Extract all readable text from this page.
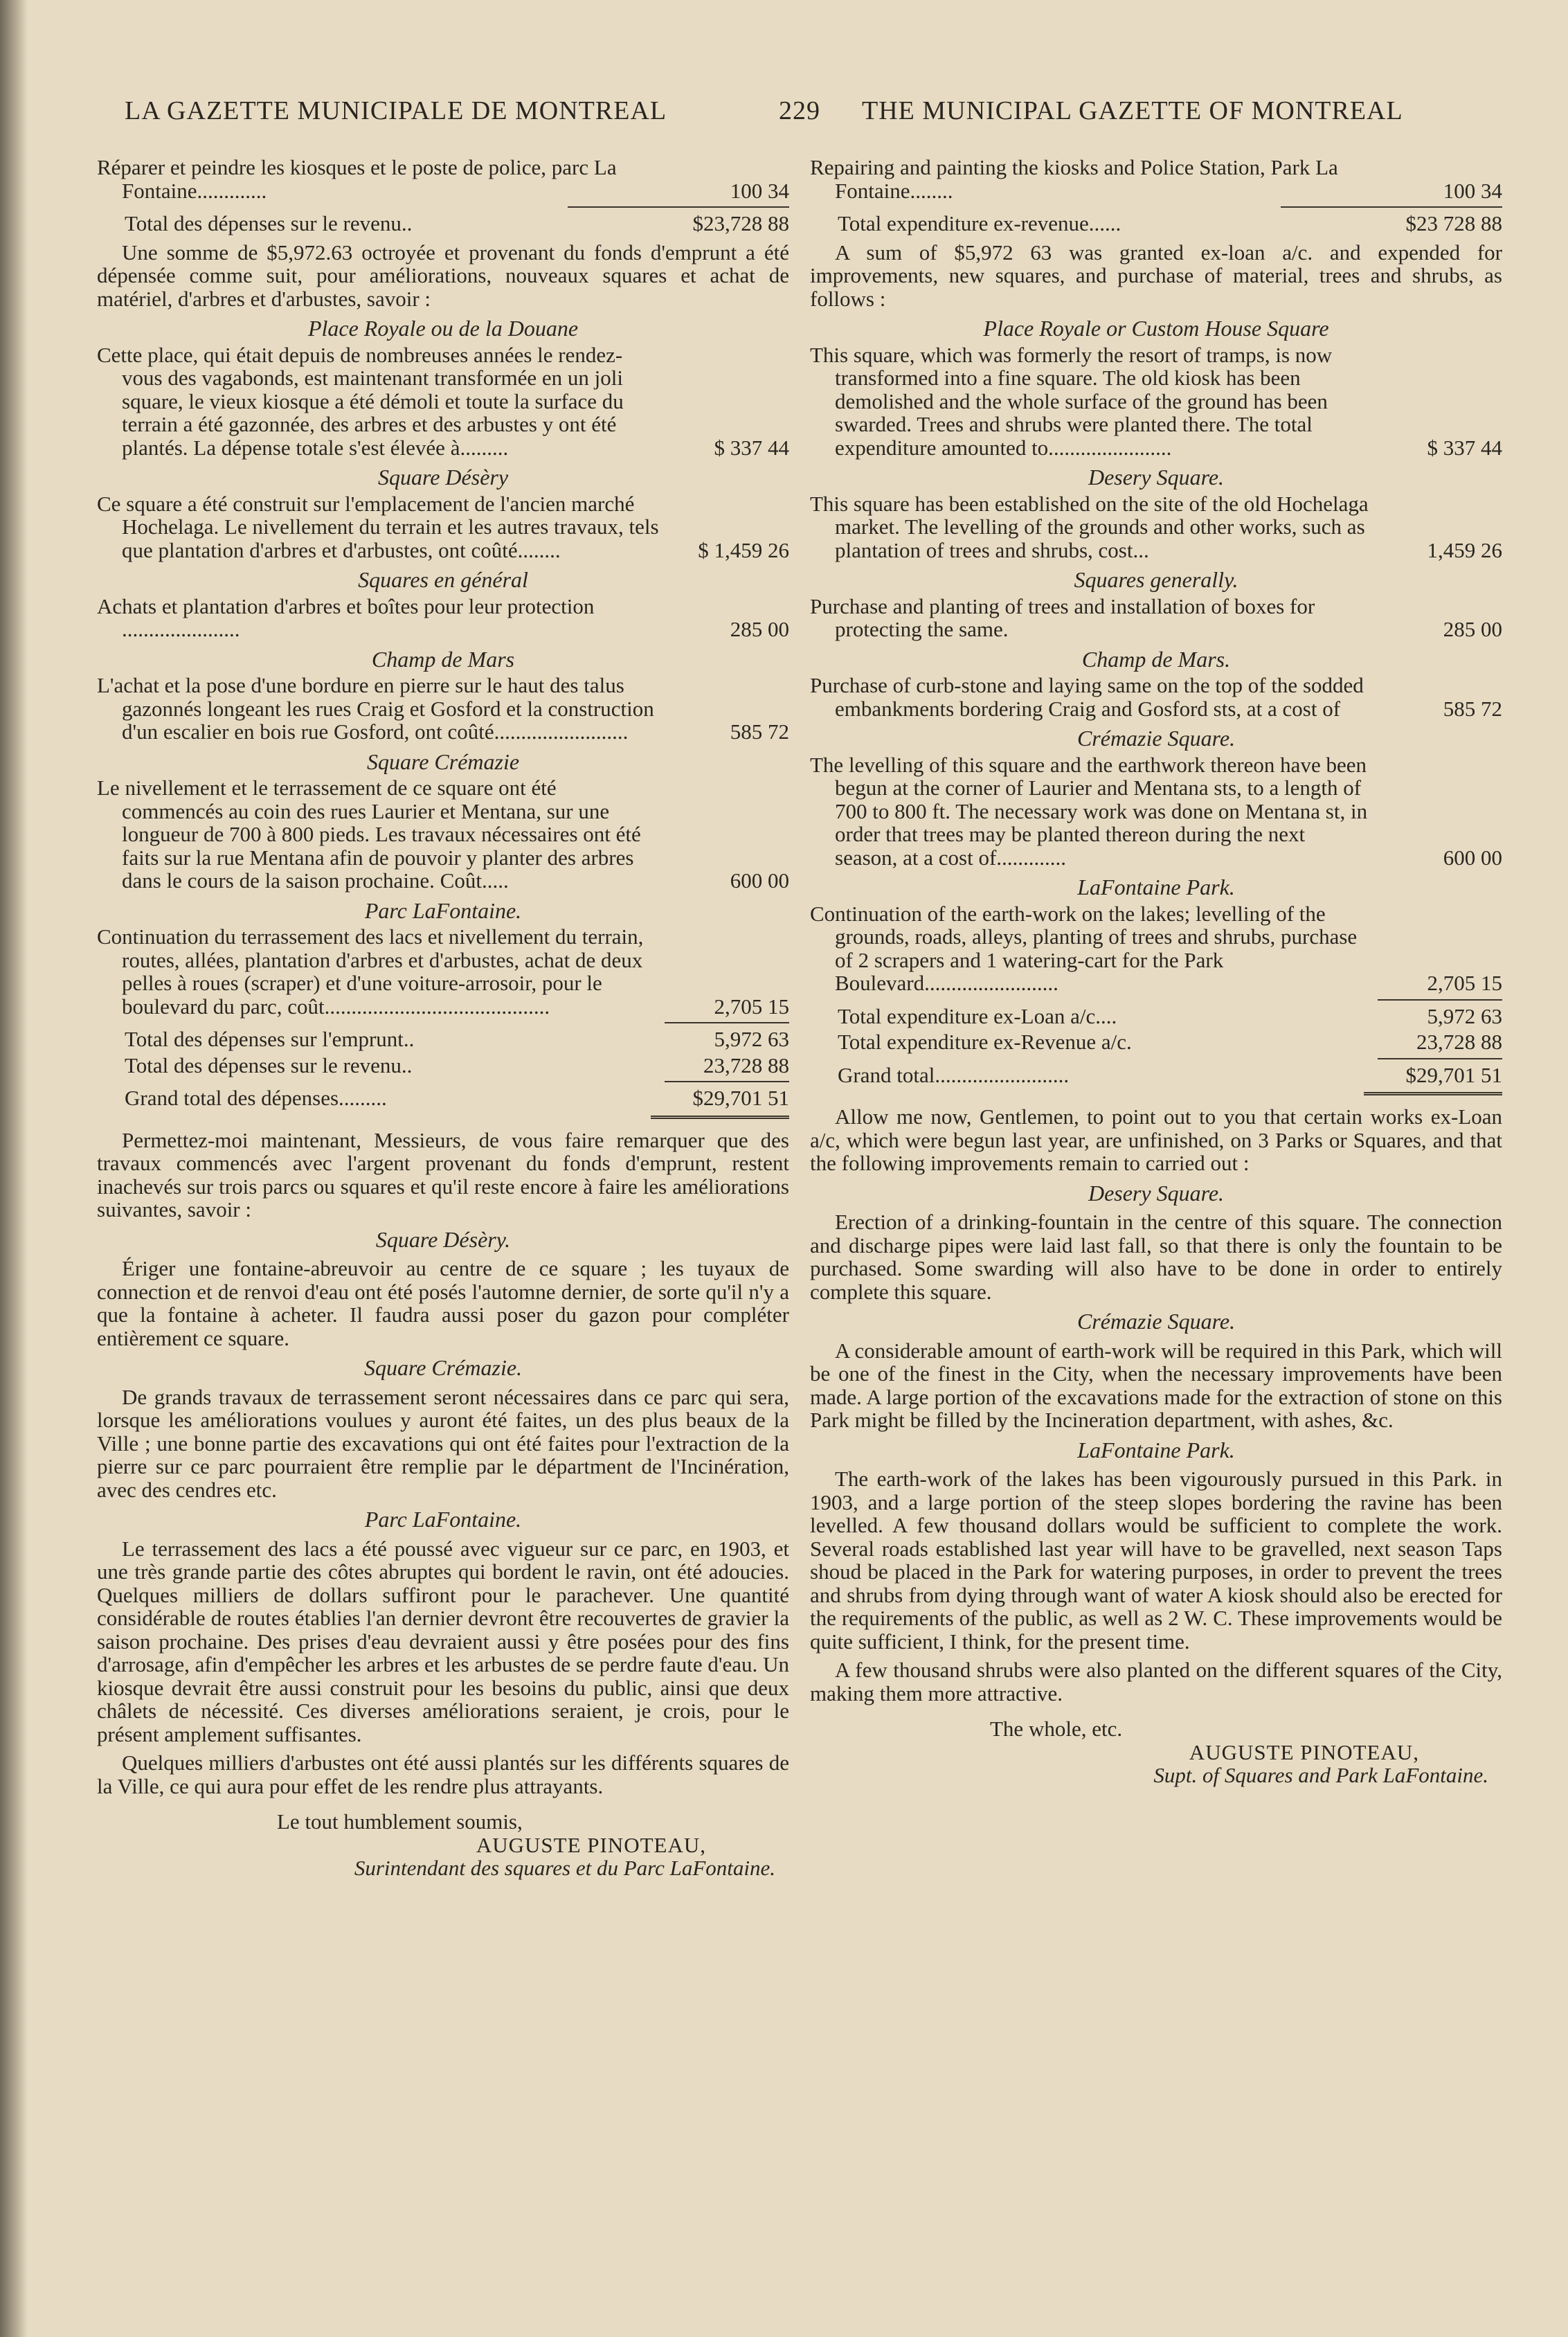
LA GAZETTE MUNICIPALE DE MONTREAL	229 THE MUNICIPAL GAZETTE OF MONTREAL
Réparer et peindre les kiosques et le poste de police, parc La Fontaine.............	100 34
Total des dépenses sur le revenu..	$23,728 88

Une somme de $5,972.63 octroyée et provenant du fonds d'emprunt a été dépensée comme suit, pour améliorations, nouveaux squares et achat de matériel, d'arbres et d'arbustes, savoir :

Place Royale ou de la Douane
Cette place, qui était depuis de nombreuses années le rendez-vous des vagabonds, est maintenant transformée en un joli square, le vieux kiosque a été démoli et toute la surface du terrain a été gazonnée, des arbres et des arbustes y ont été plantés. La dépense totale s'est élevée à.........	$ 337 44
Square Désèry
Ce square a été construit sur l'emplacement de l'ancien marché Hochelaga. Le nivellement du terrain et les autres travaux, tels que plantation d'arbres et d'arbustes, ont coûté........	$ 1,459 26
Squares en général
Achats et plantation d'arbres et boîtes pour leur protection ......................	285 00
Champ de Mars
L'achat et la pose d'une bordure en pierre sur le haut des talus gazonnés longeant les rues Craig et Gosford et la construction d'un escalier en bois rue Gosford, ont coûté.........................	585 72
Square Crémazie
Le nivellement et le terrassement de ce square ont été commencés au coin des rues Laurier et Mentana, sur une longueur de 700 à 800 pieds. Les travaux nécessaires ont été faits sur la rue Mentana afin de pouvoir y planter des arbres dans le cours de la saison prochaine. Coût.....	600 00
Parc LaFontaine.
Continuation du terrassement des lacs et nivellement du terrain, routes, allées, plantation d'arbres et d'arbustes, achat de deux pelles à roues (scraper) et d'une voiture-arrosoir, pour le boulevard du parc, coût..........................................	2,705 15
Total des dépenses sur l'emprunt..	5,972 63
Total des dépenses sur le revenu..	23,728 88
Grand total des dépenses.........	$29,701 51

Permettez-moi maintenant, Messieurs, de vous faire remarquer que des travaux commencés avec l'argent provenant du fonds d'emprunt, restent inachevés sur trois parcs ou squares et qu'il reste encore à faire les améliorations suivantes, savoir :

Square Désèry.

Ériger une fontaine-abreuvoir au centre de ce square ; les tuyaux de connection et de renvoi d'eau ont été posés l'automne dernier, de sorte qu'il n'y a que la fontaine à acheter. Il faudra aussi poser du gazon pour compléter entièrement ce square.

Square Crémazie.

De grands travaux de terrassement seront nécessaires dans ce parc qui sera, lorsque les améliorations voulues y auront été faites, un des plus beaux de la Ville ; une bonne partie des excavations qui ont été faites pour l'extraction de la pierre sur ce parc pourraient être remplie par le départment de l'Incinération, avec des cendres etc.

Parc LaFontaine.

Le terrassement des lacs a été poussé avec vigueur sur ce parc, en 1903, et une très grande partie des côtes abruptes qui bordent le ravin, ont été adoucies. Quelques milliers de dollars suffiront pour le parachever. Une quantité considérable de routes établies l'an dernier devront être recouvertes de gravier la saison prochaine. Des prises d'eau devraient aussi y être posées pour des fins d'arrosage, afin d'empêcher les arbres et les arbustes de se perdre faute d'eau. Un kiosque devrait être aussi construit pour les besoins du public, ainsi que deux châlets de nécessité. Ces diverses améliorations seraient, je crois, pour le présent amplement suffisantes.

Quelques milliers d'arbustes ont été aussi plantés sur les différents squares de la Ville, ce qui aura pour effet de les rendre plus attrayants.

Le tout humblement soumis,

AUGUSTE PINOTEAU,

Surintendant des squares et du Parc LaFontaine.

Repairing and painting the kiosks and Police Station, Park La Fontaine........	100 34
Total expenditure ex-revenue......	$23 728 88

A sum of $5,972 63 was granted ex-loan a/c. and expended for improvements, new squares, and purchase of material, trees and shrubs, as follows :

Place Royale or Custom House Square
This square, which was formerly the resort of tramps, is now transformed into a fine square. The old kiosk has been demolished and the whole surface of the ground has been swarded. Trees and shrubs were planted there. The total expenditure amounted to.......................	$ 337 44
Desery Square.
This square has been established on the site of the old Hochelaga market. The levelling of the grounds and other works, such as plantation of trees and shrubs, cost...	1,459 26
Squares generally.
Purchase and planting of trees and installation of boxes for protecting the same.	285 00
Champ de Mars.
Purchase of curb-stone and laying same on the top of the sodded embankments bordering Craig and Gosford sts, at a cost of	585 72
Crémazie Square.
The levelling of this square and the earthwork thereon have been begun at the corner of Laurier and Mentana sts, to a length of 700 to 800 ft. The necessary work was done on Mentana st, in order that trees may be planted thereon during the next season, at a cost of.............	600 00
LaFontaine Park.
Continuation of the earth-work on the lakes; levelling of the grounds, roads, alleys, planting of trees and shrubs, purchase of 2 scrapers and 1 watering-cart for the Park Boulevard.........................	2,705 15
Total expenditure ex-Loan a/c....	5,972 63
Total expenditure ex-Revenue a/c.	23,728 88
Grand total.........................	$29,701 51

Allow me now, Gentlemen, to point out to you that certain works ex-Loan a/c, which were begun last year, are unfinished, on 3 Parks or Squares, and that the following improvements remain to carried out :

Desery Square.

Erection of a drinking-fountain in the centre of this square. The connection and discharge pipes were laid last fall, so that there is only the fountain to be purchased. Some swarding will also have to be done in order to entirely complete this square.

Crémazie Square.

A considerable amount of earth-work will be required in this Park, which will be one of the finest in the City, when the necessary improvements have been made. A large portion of the excavations made for the extraction of stone on this Park might be filled by the Incineration department, with ashes, &c.

LaFontaine Park.

The earth-work of the lakes has been vigourously pursued in this Park. in 1903, and a large portion of the steep slopes bordering the ravine has been levelled. A few thousand dollars would be sufficient to complete the work. Several roads established last year will have to be gravelled, next season Taps shoud be placed in the Park for watering purposes, in order to prevent the trees and shrubs from dying through want of water A kiosk should also be erected for the requirements of the public, as well as 2 W. C. These improvements would be quite sufficient, I think, for the present time.

A few thousand shrubs were also planted on the different squares of the City, making them more attractive.

The whole, etc.

AUGUSTE PINOTEAU,

Supt. of Squares and Park LaFontaine.
